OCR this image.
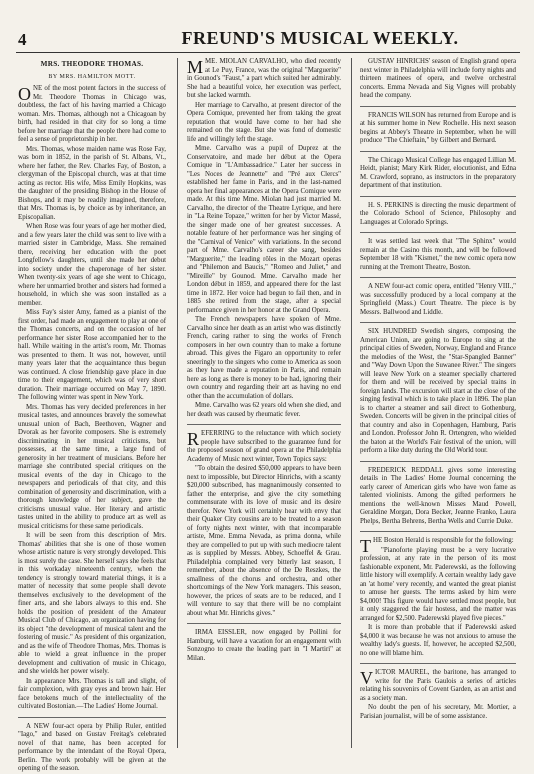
4	FREUND'S MUSICAL WEEKLY.
MRS. THEODORE THOMAS.
BY MRS. HAMILTON MOTT.

ONE of the most potent factors in the success of Mr. Theodore Thomas in Chicago was, doubtless, the fact of his having married a Chicago woman. Mrs. Thomas, although not a Chicagoan by birth, had resided in that city for so long a time before her marriage that the people there had come to feel a sense of proprietorship in her.

Mrs. Thomas, whose maiden name was Rose Fay, was born in 1852, in the parish of St. Albans, Vt., where her father, the Rev. Charles Fay, of Boston, a clergyman of the Episcopal church, was at that time acting as rector. His wife, Miss Emily Hopkins, was the daughter of the presiding Bishop in the House of Bishops, and it may be readily imagined, therefore, that Mrs. Thomas is, by choice as by inheritance, an Episcopalian.

When Rose was four years of age her mother died, and a few years later the child was sent to live with a married sister in Cambridge, Mass. She remained there, receiving her education with the poet Longfellow's daughters, until she made her debut into society under the chaperonage of her sister. When twenty-six years of age she went to Chicago, where her unmarried brother and sisters had formed a household, in which she was soon installed as a member.

Miss Fay's sister Amy, famed as a pianist of the first order, had made an engagement to play at one of the Thomas concerts, and on the occasion of her performance her sister Rose accompanied her to the hall. While waiting in the artist's room, Mr. Thomas was presented to them. It was not, however, until many years later that the acquaintance thus begun was continued. A close friendship gave place in due time to their engagement, which was of very short duration. Their marriage occurred on May 7, 1890. The following winter was spent in New York.

Mrs. Thomas has very decided preferences in her musical tastes, and announces bravely the somewhat unusual union of Bach, Beethoven, Wagner and Dvorak as her favorite composers. She is extremely discriminating in her musical criticisms, but possesses, at the same time, a large fund of generosity in her treatment of musicians. Before her marriage she contributed special critiques on the musical events of the day in Chicago to the newspapers and periodicals of that city, and this combination of generosity and discrimination, with a thorough knowledge of her subject, gave the criticisms unusual value. Her literary and artistic tastes united in the ability to produce art as well as musical criticisms for these same periodicals.

It will be seen from this description of Mrs. Thomas' abilities that she is one of those women whose artistic nature is very strongly developed. This is most surely the case. She herself says she feels that in this workaday nineteenth century, when the tendency is strongly toward material things, it is a matter of necessity that some people shall devote themselves exclusively to the development of the finer arts, and she labors always to this end. She holds the position of president of the Amateur Musical Club of Chicago, an organization having for its object "the development of musical talent and the fostering of music." As president of this organization, and as the wife of Theodore Thomas, Mrs. Thomas is able to wield a great influence in the proper development and cultivation of music in Chicago, and she wields her power wisely.

In appearance Mrs. Thomas is tall and slight, of fair complexion, with gray eyes and brown hair. Her face betokens much of the intellectuality of the cultivated Bostonian.—The Ladies' Home Journal.

A NEW four-act opera by Philip Ruler, entitled "Iago," and based on Gustav Freitag's celebrated novel of that name, has been accepted for performance by the intendant of the Royal Opera, Berlin. The work probably will be given at the opening of the season.

MME. MIOLAN CARVALHO, who died recently at Le Puy, France, was the original "Marguerite" in Gounod's "Faust," a part which suited her admirably. She had a beautiful voice, her execution was perfect, but she lacked warmth.

Her marriage to Carvalho, at present director of the Opera Comique, prevented her from taking the great reputation that would have come to her had she remained on the stage. But she was fond of domestic life and willingly left the stage.

Mme. Carvalho was a pupil of Duprez at the Conservatoire, and made her début at the Opera Comique in "L'Ambassadrice." Later her success in "Les Noces de Jeannette" and "Pré aux Clercs" established her fame in Paris, and in the last-named opera her final appearances at the Opera Comique were made. At this time Mme. Miolan had just married M. Carvalho, the director of the Theatre Lyrique, and here in "La Reine Topaze," written for her by Victor Massé, the singer made one of her greatest successes. A notable feature of her performance was her singing of the "Carnival of Venice" with variations. In the second part of Mme. Carvalho's career she sang, besides "Marguerite," the leading rôles in the Mozart operas and "Philemon and Baucis," "Romeo and Juliet," and "Mireille" by Gounod. Mme. Carvalho made her London début in 1859, and appeared there for the last time in 1872. Her voice had begun to fail then, and in 1885 she retired from the stage, after a special performance given in her honor at the Grand Opera.

The French newspapers have spoken of Mme. Carvalho since her death as an artist who was distinctly French, caring rather to sing the works of French composers in her own country than to make a fortune abroad. This gives the Figaro an opportunity to refer sneeringly to the singers who come to America as soon as they have made a reputation in Paris, and remain here as long as there is money to be had, ignoring their own country and regarding their art as having no end other than the accumulation of dollars.

Mme. Carvalho was 62 years old when she died, and her death was caused by rheumatic fever.

REFERRING to the reluctance with which society people have subscribed to the guarantee fund for the proposed season of grand opera at the Philadelphia Academy of Music next winter, Town Topics says:

"To obtain the desired $50,000 appears to have been next to impossible, but Director Hinrichs, with a scanty $20,000 subscribed, has magnanimously consented to father the enterprise, and give the city something commensurate with its love of music and its desire therefor. New York will certainly hear with envy that their Quaker City cousins are to be treated to a season of forty nights next winter, with that incomparable artiste, Mme. Emma Nevada, as prima donna, while they are compelled to put up with such mediocre talent as is supplied by Messrs. Abbey, Schoeffel & Grau. Philadelphia complained very bitterly last season, I remember, about the absence of the De Reszkes, the smallness of the chorus and orchestra, and other shortcomings of the New York managers. This season, however, the prices of seats are to be reduced, and I will venture to say that there will be no complaint about what Mr. Hinrichs gives."

IRMA EISSLER, now engaged by Pollini for Hamburg, will have a vacation for an engagement with Sonzogno to create the leading part in "I Martiri" at Milan.

GUSTAV HINRICHS' season of English grand opera next winter in Philadelphia will include forty nights and thirteen matinees of opera, and twelve orchestral concerts. Emma Nevada and Sig Vignes will probably head the company.

FRANCIS WILSON has returned from Europe and is at his summer home in New Rochelle. His next season begins at Abbey's Theatre in September, when he will produce "The Chieftain," by Gilbert and Bernard.

The Chicago Musical College has engaged Lillian M. Heidt, pianist; Mary Kirk Rider, elocutionist, and Edna M. Crawford, soprano, as instructors in the preparatory department of that institution.

H. S. PERKINS is directing the music department of the Colorado School of Science, Philosophy and Languages at Colorado Springs.

It was settled last week that "The Sphinx" would remain at the Casino this month, and will be followed September 18 with "Kismet," the new comic opera now running at the Tremont Theatre, Boston.

A NEW four-act comic opera, entitled "Henry VIII.," was successfully produced by a local company at the Springfield (Mass.) Court Theatre. The piece is by Messrs. Ballwood and Liddle.

SIX HUNDRED Swedish singers, composing the American Union, are going to Europe to sing at the principal cities of Sweden, Norway, England and France the melodies of the West, the "Star-Spangled Banner" and "Way Down Upon the Suwanee River." The singers will leave New York on a steamer specially chartered for them and will be received by special trains in foreign lands. The excursion will start at the close of the singing festival which is to take place in 1896. The plan is to charter a steamer and sail direct to Gothenburg, Sweden. Concerts will be given in the principal cities of that country and also in Copenhagen, Hamburg, Paris and London. Professor John R. Ortengren, who wielded the baton at the World's Fair festival of the union, will perform a like duty during the Old World tour.

FREDERICK REDDALL gives some interesting details in The Ladies' Home Journal concerning the early career of American girls who have won fame as talented violinists. Among the gifted performers he mentions the well-known Misses Maud Powell, Geraldine Morgan, Dora Becker, Jeanne Franko, Laura Phelps, Bertha Behrens, Bertha Wells and Currie Duke.

THE Boston Herald is responsible for the following:

"Pianoforte playing must be a very lucrative profession, at any rate in the person of its most fashionable exponent, Mr. Paderewski, as the following little history will exemplify. A certain wealthy lady gave an 'at home' very recently, and wanted the great pianist to amuse her guests. The terms asked by him were $4,000! This figure would have settled most people, but it only staggered the fair hostess, and the matter was arranged for $2,500. Paderewski played five pieces."

It is more than probable that if Paderewski asked $4,000 it was because he was not anxious to amuse the wealthy lady's guests. If, however, he accepted $2,500, no one will blame him.

VICTOR MAUREL, the baritone, has arranged to write for the Paris Gaulois a series of articles relating his souvenirs of Covent Garden, as an artist and as a society man.

No doubt the pen of his secretary, Mr. Mortier, a Parisian journalist, will be of some assistance.
